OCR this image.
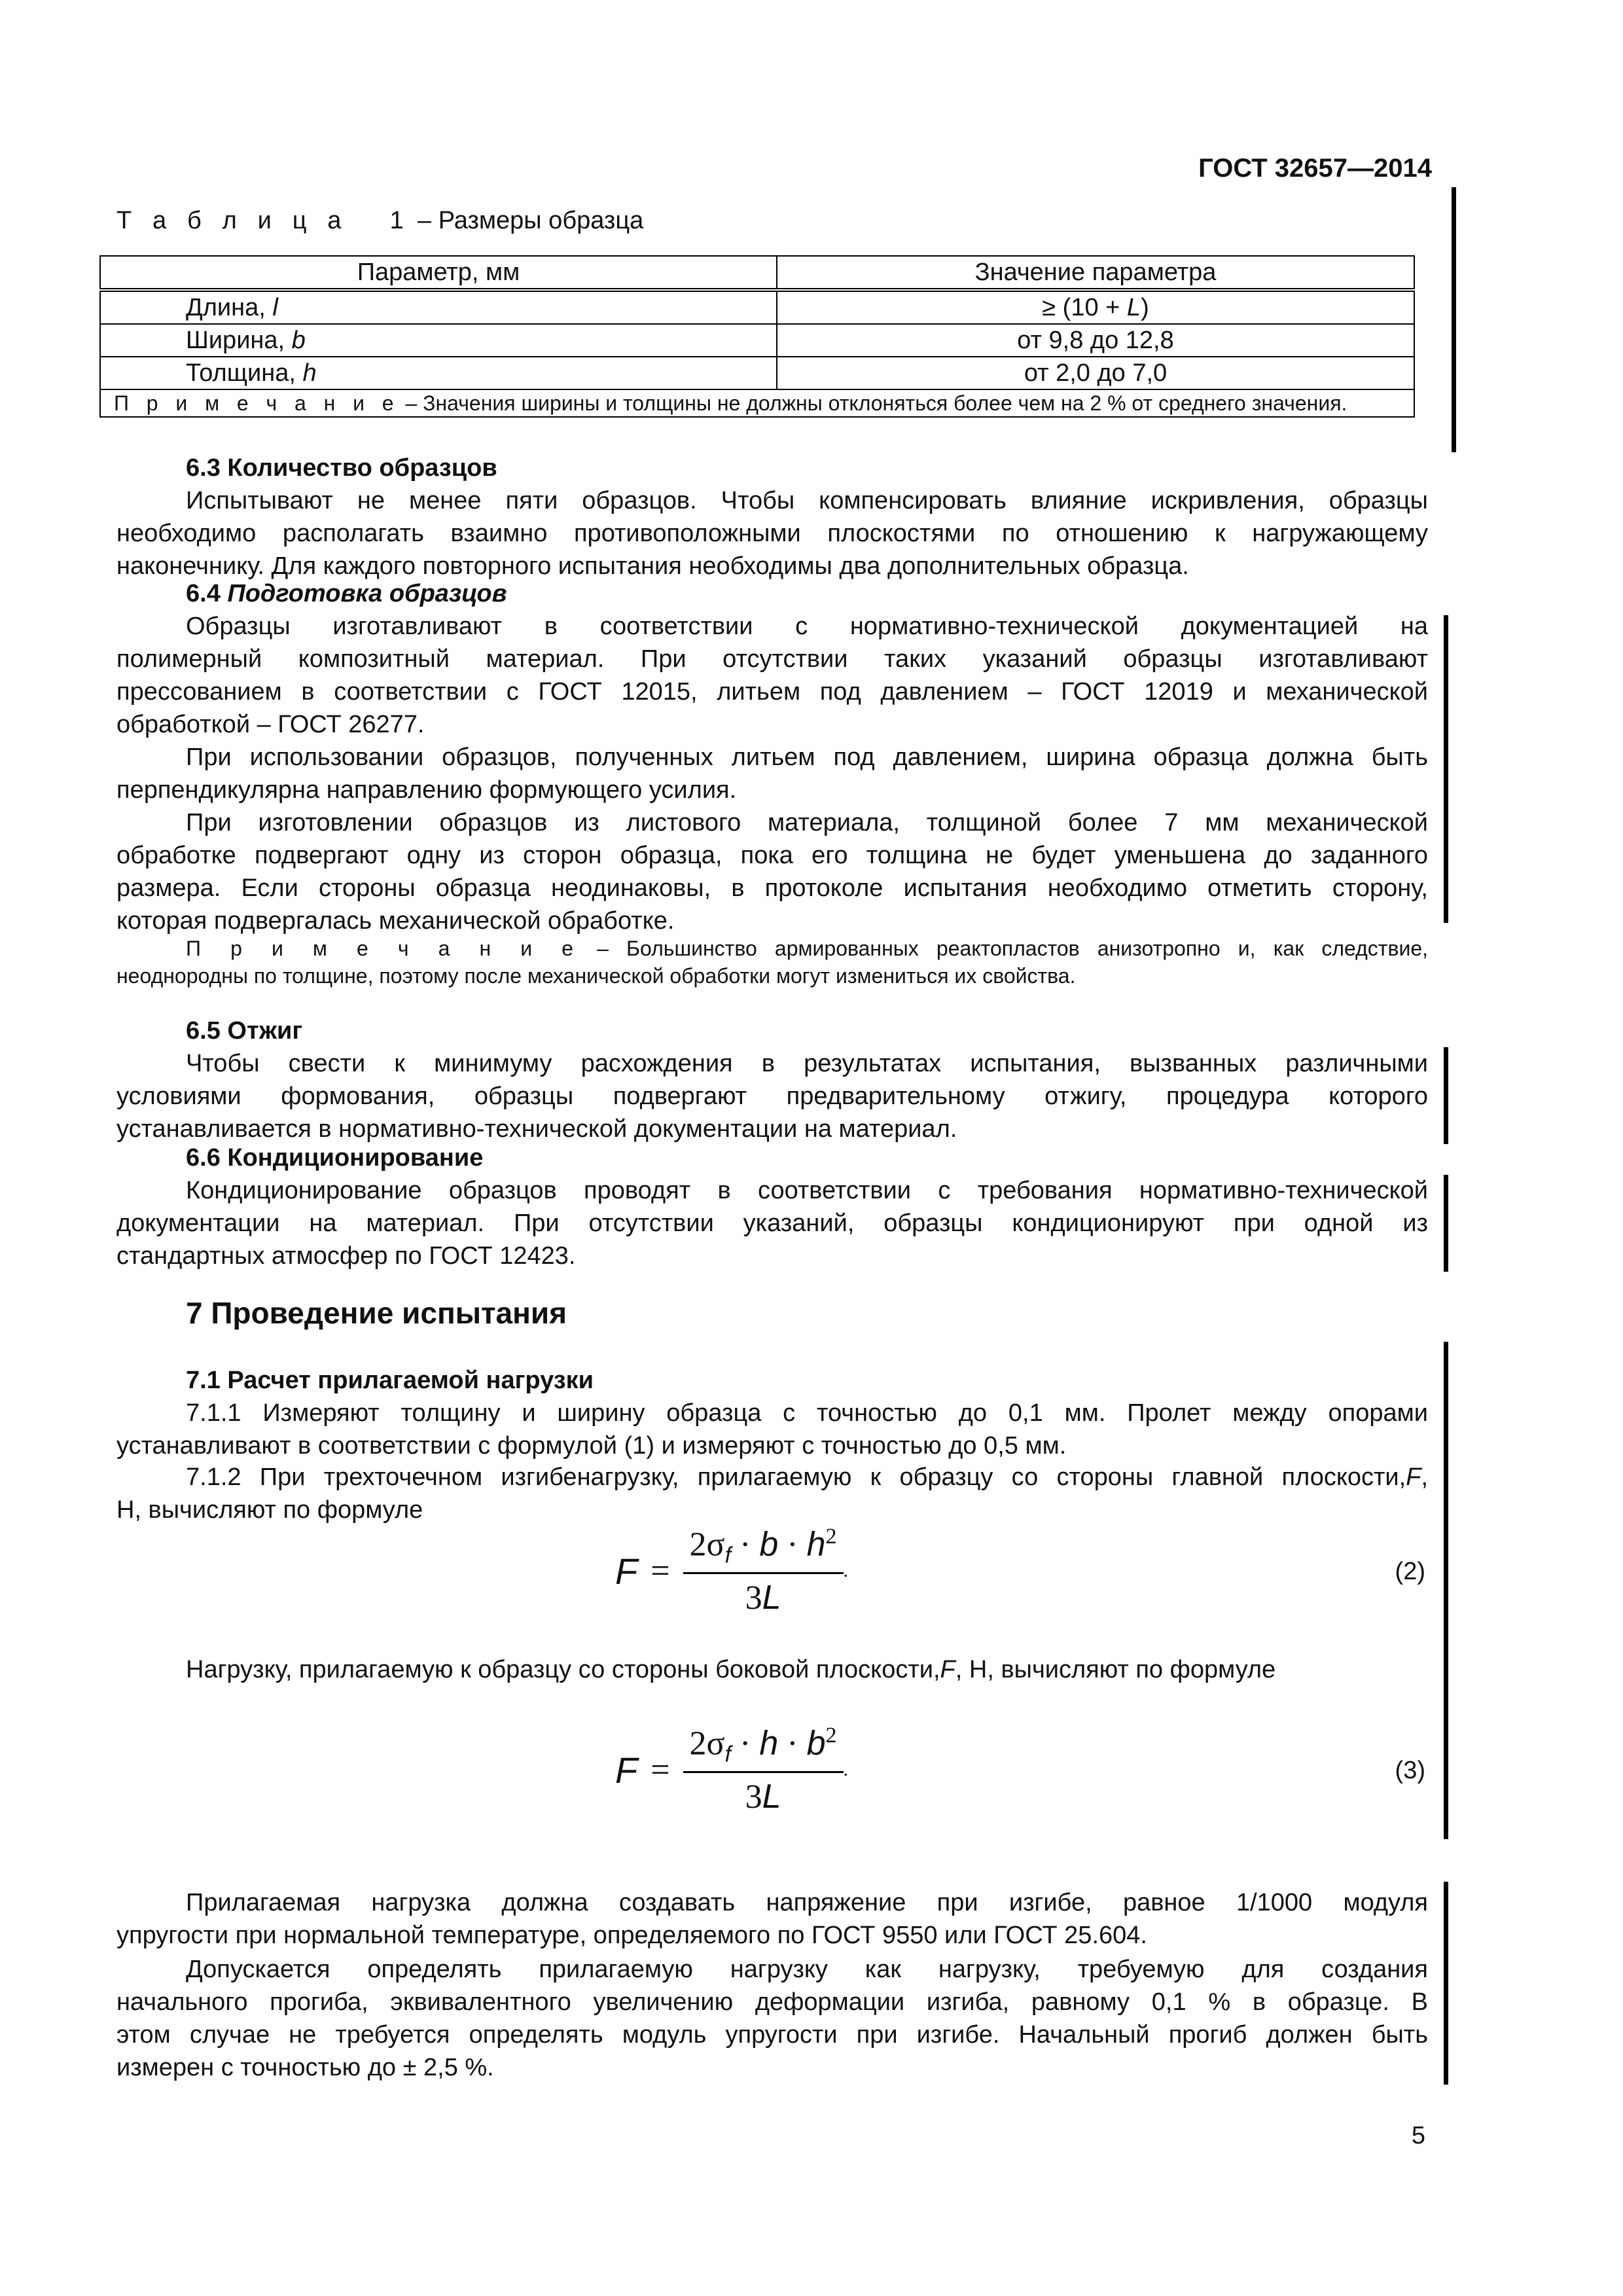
ГОСТ 32657—2014
Т а б л и ц а   1 – Размеры образца
Параметр, мм	Значение параметра
Длина, l	≥ (10 + L)
Ширина, b	от 9,8 до 12,8
Толщина, h	от 2,0 до 7,0
П р и м е ч а н и е – Значения ширины и толщины не должны отклоняться более чем на 2 % от среднего значения.	
6.3 Количество образцов
Испытывают не менее пяти образцов. Чтобы компенсировать влияние искривления, образцы
необходимо располагать взаимно противоположными плоскостями по отношению к нагружающему
наконечнику. Для каждого повторного испытания необходимы два дополнительных образца.
6.4 Подготовка образцов
Образцы изготавливают в соответствии с нормативно-технической документацией на
полимерный композитный материал. При отсутствии таких указаний образцы изготавливают
прессованием в соответствии с ГОСТ 12015, литьем под давлением – ГОСТ 12019 и механической
обработкой – ГОСТ 26277.
При использовании образцов, полученных литьем под давлением, ширина образца должна быть
перпендикулярна направлению формующего усилия.
При изготовлении образцов из листового материала, толщиной более 7 мм механической
обработке подвергают одну из сторон образца, пока его толщина не будет уменьшена до заданного
размера. Если стороны образца неодинаковы, в протоколе испытания необходимо отметить сторону,
которая подвергалась механической обработке.
П р и м е ч а н и е – Большинство армированных реактопластов анизотропно и, как следствие,
неоднородны по толщине, поэтому после механической обработки могут измениться их свойства.
6.5 Отжиг
Чтобы свести к минимуму расхождения в результатах испытания, вызванных различными
условиями формования, образцы подвергают предварительному отжигу, процедура которого
устанавливается в нормативно-технической документации на материал.
6.6 Кондиционирование
Кондиционирование образцов проводят в соответствии с требования нормативно-технической
документации на материал. При отсутствии указаний, образцы кондиционируют при одной из
стандартных атмосфер по ГОСТ 12423.
7 Проведение испытания
7.1 Расчет прилагаемой нагрузки
7.1.1 Измеряют толщину и ширину образца с точностью до 0,1 мм. Пролет между опорами
устанавливают в соответствии с формулой (1) и измеряют с точностью до 0,5 мм.
7.1.2 При трехточечном изгибенагрузку, прилагаемую к образцу со стороны главной плоскости,F,
Н, вычисляют по формуле
$F = \frac{2\sigma_f \cdot b \cdot h^2}{3L}$ .	(2)
Нагрузку, прилагаемую к образцу со стороны боковой плоскости,F, Н, вычисляют по формуле
$F = \frac{2\sigma_f \cdot h \cdot b^2}{3L}$ .	(3)
Прилагаемая нагрузка должна создавать напряжение при изгибе, равное 1/1000 модуля
упругости при нормальной температуре, определяемого по ГОСТ 9550 или ГОСТ 25.604.
Допускается определять прилагаемую нагрузку как нагрузку, требуемую для создания
начального прогиба, эквивалентного увеличению деформации изгиба, равному 0,1 % в образце. В
этом случае не требуется определять модуль упругости при изгибе. Начальный прогиб должен быть
измерен с точностью до ± 2,5 %.
5
